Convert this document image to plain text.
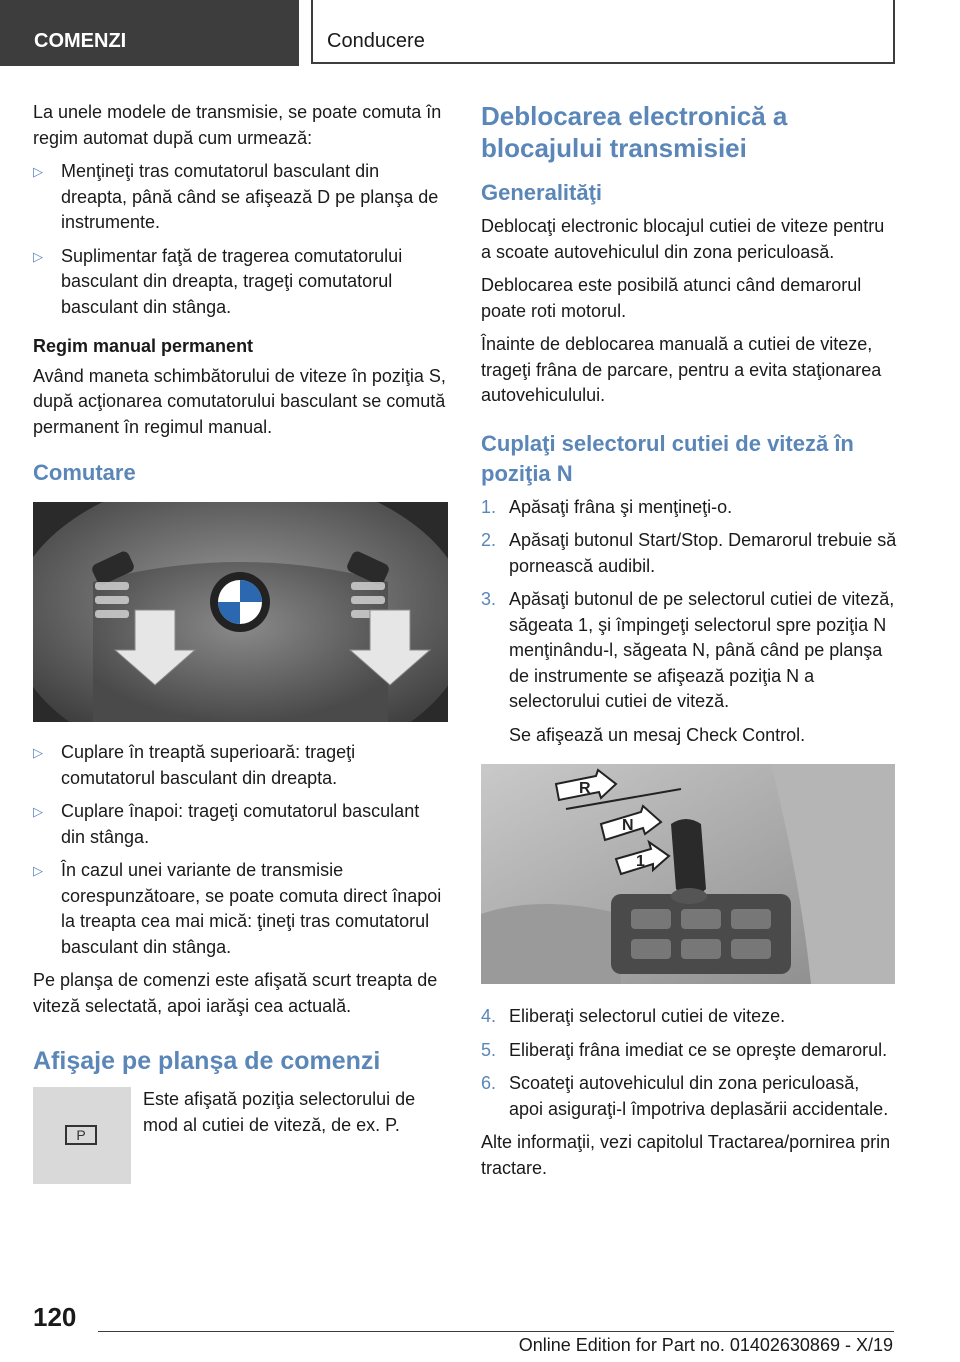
COMENZI	Conducere

La unele modele de transmisie, se poate comuta în regim automat după cum urmează:

▷ Menţineţi tras comutatorul basculant din dreapta, până când se afişează D pe planşa de instrumente.
▷ Suplimentar faţă de tragerea comutatorului basculant din dreapta, trageţi comutatorul basculant din stânga.

Regim manual permanent

Având maneta schimbătorului de viteze în poziţia S, după acţionarea comutatorului basculant se comută permanent în regimul manual.

Comutare
▷ Cuplare în treaptă superioară: trageţi comutatorul basculant din dreapta.
▷ Cuplare înapoi: trageţi comutatorul basculant din stânga.
▷ În cazul unei variante de transmisie corespunzătoare, se poate comuta direct înapoi la treapta cea mai mică: ţineţi tras comutatorul basculant din stânga.

Pe planşa de comenzi este afişată scurt treapta de viteză selectată, apoi iarăşi cea actuală.

Afişaje pe planşa de comenzi
P

Este afişată poziţia selectorului de mod al cutiei de viteză, de ex. P.

Deblocarea electronică a blocajului transmisiei
Generalităţi

Deblocaţi electronic blocajul cutiei de viteze pentru a scoate autovehiculul din zona periculoasă.

Deblocarea este posibilă atunci când demarorul poate roti motorul.

Înainte de deblocarea manuală a cutiei de viteze, trageţi frâna de parcare, pentru a evita staţionarea autovehiculului.

Cuplaţi selectorul cutiei de viteză în poziţia N
1. Apăsaţi frâna şi menţineţi-o.
2. Apăsaţi butonul Start/Stop. Demarorul trebuie să pornească audibil.
3. Apăsaţi butonul de pe selectorul cutiei de viteză, săgeata 1, şi împingeţi selectorul spre poziţia N menţinându-l, săgeata N, până când pe planşa de instrumente se afişează poziţia N a selectorului cutiei de viteză.

Se afişează un mesaj Check Control.

R
N
1
4. Eliberaţi selectorul cutiei de viteze.
5. Eliberaţi frâna imediat ce se opreşte demarorul.
6. Scoateţi autovehiculul din zona periculoasă, apoi asiguraţi-l împotriva deplasării accidentale.

Alte informaţii, vezi capitolul Tractarea/pornirea prin tractare.

120
Online Edition for Part no. 01402630869 - X/19
